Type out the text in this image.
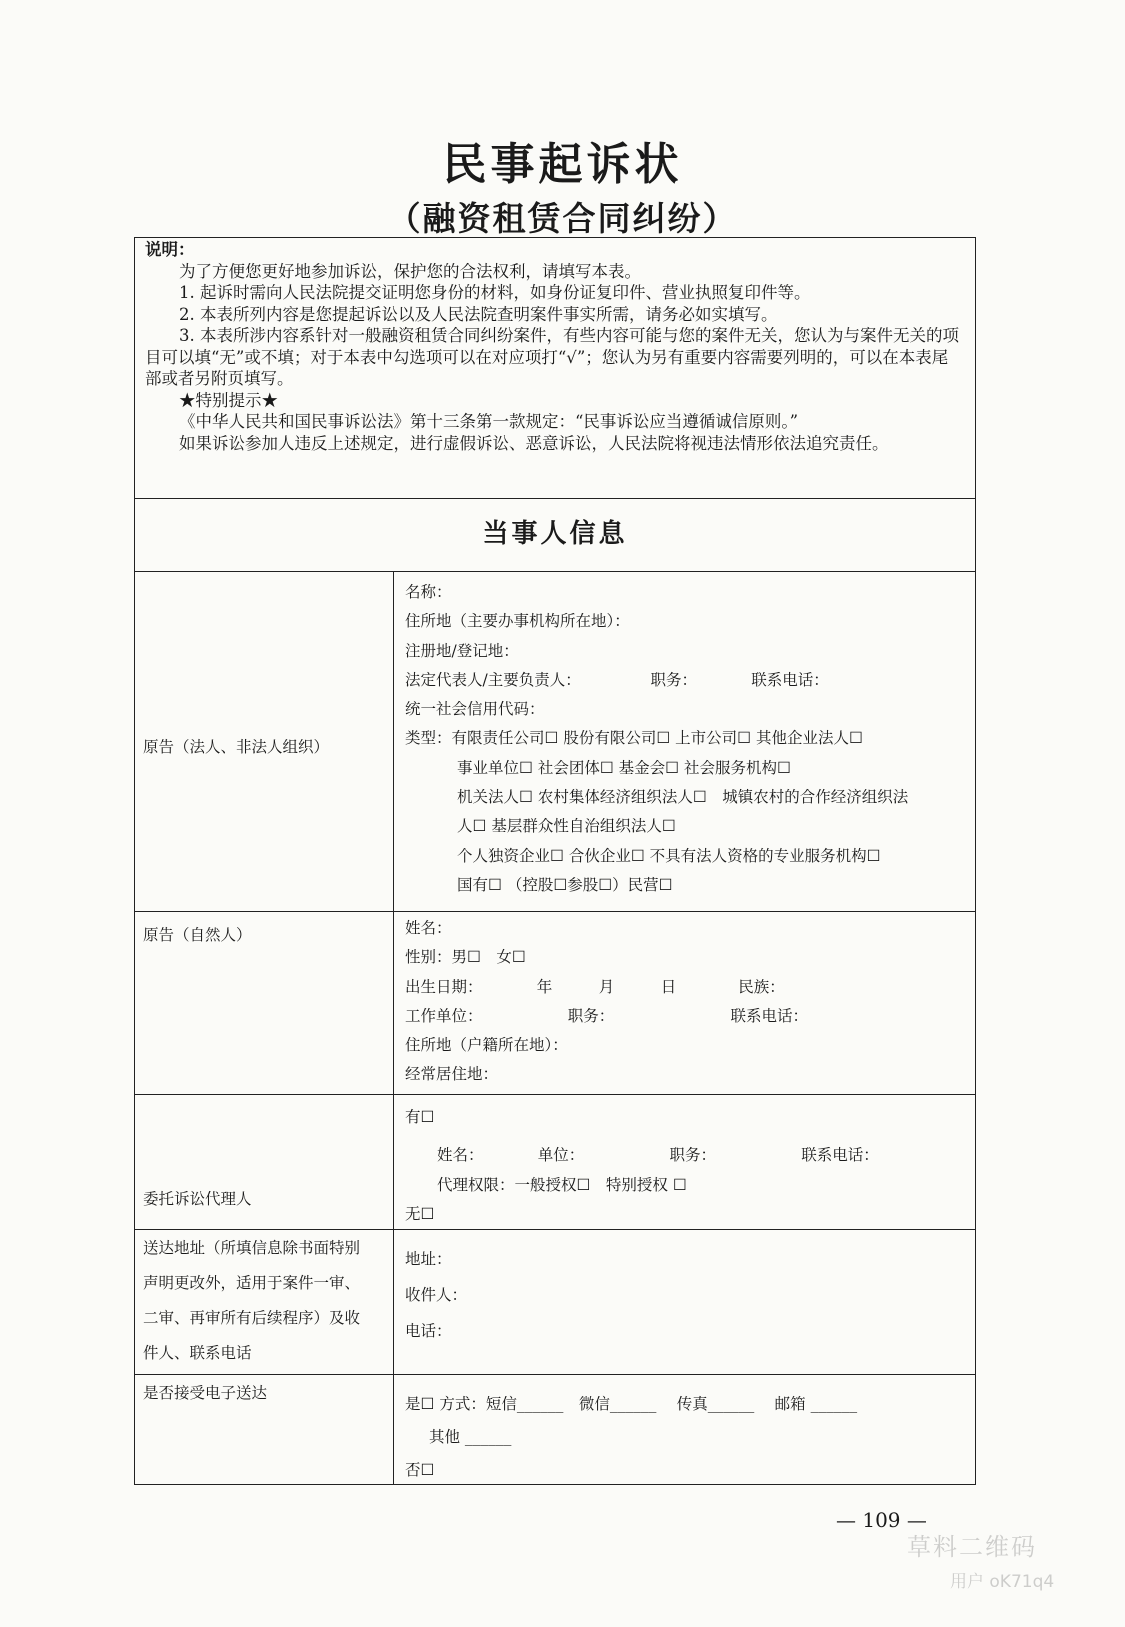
民事起诉状
（融资租赁合同纠纷）

说明：

为了方便您更好地参加诉讼，保护您的合法权利，请填写本表。

1. 起诉时需向人民法院提交证明您身份的材料，如身份证复印件、营业执照复印件等。

2. 本表所列内容是您提起诉讼以及人民法院查明案件事实所需，请务必如实填写。

3. 本表所涉内容系针对一般融资租赁合同纠纷案件，有些内容可能与您的案件无关，您认为与案件无关的项目可以填“无”或不填；对于本表中勾选项可以在对应项打“√”；您认为另有重要内容需要列明的，可以在本表尾部或者另附页填写。

★特别提示★

《中华人民共和国民事诉讼法》第十三条第一款规定：“民事诉讼应当遵循诚信原则。”

如果诉讼参加人违反上述规定，进行虚假诉讼、恶意诉讼，人民法院将视违法情形依法追究责任。

当事人信息
原告（法人、非法人组织）

名称：

住所地（主要办事机构所在地）：

注册地/登记地：

法定代表人/主要负责人：　　　　　职务：　　　　联系电话：

统一社会信用代码：

类型：有限责任公司☐ 股份有限公司☐ 上市公司☐ 其他企业法人☐

事业单位☐ 社会团体☐ 基金会☐ 社会服务机构☐

机关法人☐ 农村集体经济组织法人☐　城镇农村的合作经济组织法

人☐ 基层群众性自治组织法人☐

个人独资企业☐ 合伙企业☐ 不具有法人资格的专业服务机构☐

国有☐ （控股☐参股☐）民营☐

原告（自然人）	姓名：

性别：男☐　女☐

出生日期：　　　　年　　　月　　　日　　　　民族：

工作单位：　　　　　　职务：　　　　　　　　联系电话：

住所地（户籍所在地）：

经常居住地：

委托诉讼代理人

有☐

姓名：　　　　单位：　　　　　　职务：　　　　　　联系电话：

代理权限：一般授权☐　特别授权 ☐

无☐

送达地址（所填信息除书面特别
声明更改外，适用于案件一审、
二审、再审所有后续程序）及收
件人、联系电话

地址：

收件人：

电话：

是否接受电子送达

是☐ 方式：短信______　微信______　 传真______　 邮箱 ______

其他 ______

否☐

— 109 —
草料二维码
用户 oK71q4
